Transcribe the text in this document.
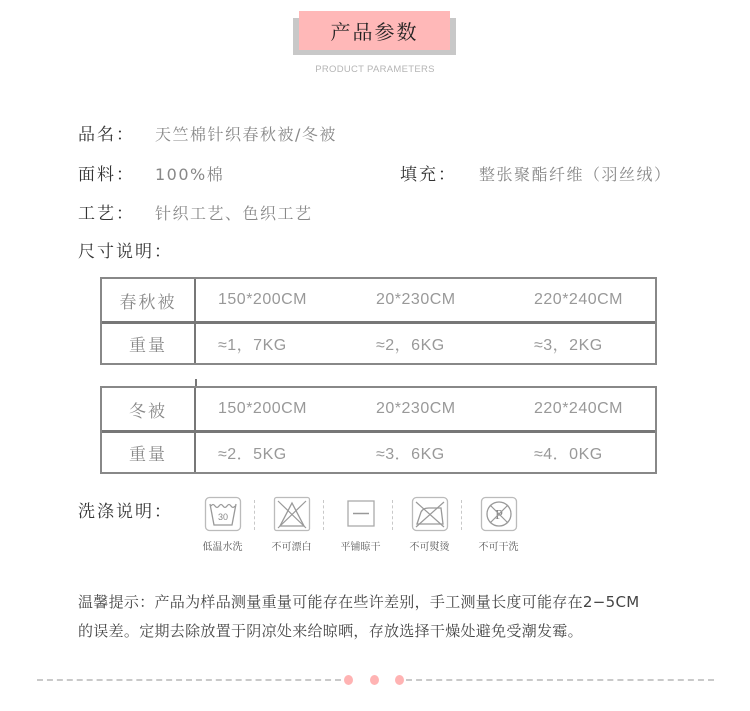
产品参数
PRODUCT PARAMETERS
品名： 天竺棉针织春秋被/冬被
面料： 100%棉	填充： 整张聚酯纤维（羽丝绒）
工艺： 针织工艺、色织工艺
尺寸说明：
春秋被	150*200CM	20*230CM	220*240CM
重量	≈1，7KG	≈2，6KG	≈3，2KG
冬被	150*200CM	20*230CM	220*240CM
重量	≈2．5KG	≈3．6KG	≈4．0KG
洗涤说明：	30
低温水洗	不可漂白	平铺晾干	不可熨烫
P
不可干洗
温馨提示：产品为样品测量重量可能存在些许差别，手工测量长度可能存在2−5CM
的误差。定期去除放置于阴凉处来给晾晒，存放选择干燥处避免受潮发霉。
